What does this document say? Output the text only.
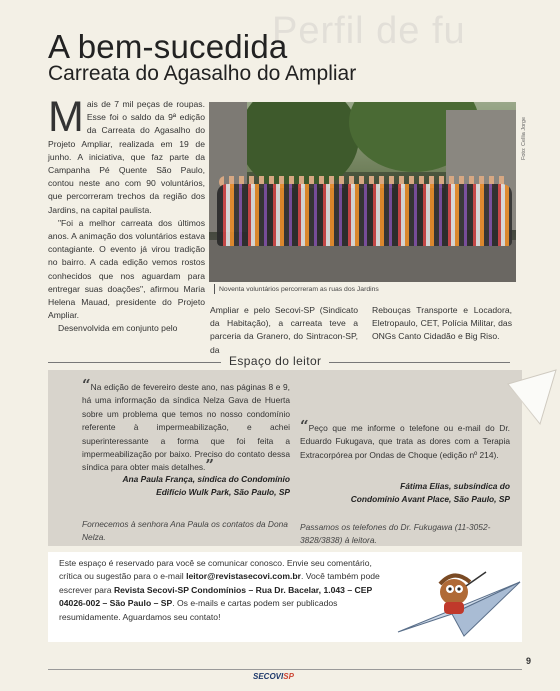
Perfil de fu
A bem-sucedida
Carreata do Agasalho do Ampliar
M ais de 7 mil peças de roupas. Esse foi o saldo da 9ª edição da Carreata do Agasalho do Projeto Ampliar, realizada em 19 de junho. A iniciativa, que faz parte da Campanha Pé Quente São Paulo, contou neste ano com 90 voluntários, que percorreram trechos da região dos Jardins, na capital paulista.

"Foi a melhor carreata dos últimos anos. A animação dos voluntários estava contagiante. O evento já virou tradição no bairro. A cada edição vemos rostos conhecidos que nos aguardam para entregar suas doações", afirmou Maria Helena Mauad, presidente do Projeto Ampliar.

Desenvolvida em conjunto pelo

Foto: Cellia Jorge
Noventa voluntários percorreram as ruas dos Jardins
Ampliar e pelo Secovi-SP (Sindicato da Habitação), a carreata teve a parceria da Granero, do Sintracon-SP, da
Rebouças Transporte e Locadora, Eletropaulo, CET, Polícia Militar, das ONGs Canto Cidadão e Big Riso.
Espaço do leitor
“Na edição de fevereiro deste ano, nas páginas 8 e 9, há uma informação da síndica Nelza Gava de Huerta sobre um problema que temos no nosso condomínio referente à impermeabilização, e achei superinteressante a forma que foi feita a impermeabilização por baixo. Preciso do contato dessa síndica para obter mais detalhes.”
Ana Paula França, síndica do Condomínio
Edifício Wulk Park, São Paulo, SP
Fornecemos à senhora Ana Paula os contatos da Dona Nelza.
“Peço que me informe o telefone ou e-mail do Dr. Eduardo Fukugava, que trata as dores com a Terapia Extracorpórea por Ondas de Choque (edição nº 214).
Fátima Elias, subsíndica do
Condomínio Avant Place, São Paulo, SP
Passamos os telefones do Dr. Fukugawa (11-3052-3828/3838) à leitora.
Este espaço é reservado para você se comunicar conosco. Envie seu comentário, crítica ou sugestão para o e-mail leitor@revistasecovi.com.br. Você também pode escrever para Revista Secovi-SP Condomínios – Rua Dr. Bacelar, 1.043 – CEP 04026-002 – São Paulo – SP. Os e-mails e cartas podem ser publicados resumidamente. Aguardamos seu contato!
SECOVISP
9
